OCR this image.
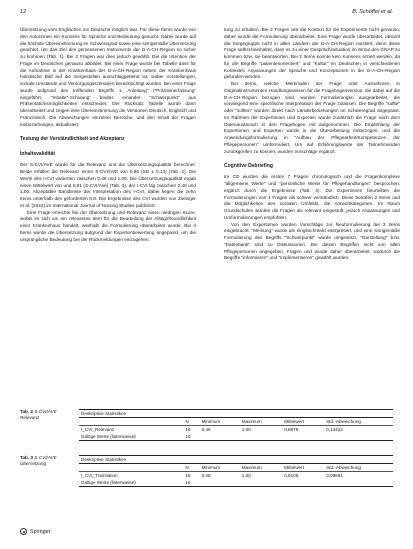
12	B. Schöffel et al.

Übersetzung vom Englischen ins Deutsche möglich war. Für diese Items wurde von den Autorinnen ein Konsens für Sprache und Bedeutung gesucht. Dabei wurde auf die höchste Übereinstimmung im Schweregrad sowie eine sinngemäße Übersetzung geachtet, um das Ziel des gemessenen Instruments der D-A-CH-Region so sicher zu kommen (Tab. 1). Bei 2 Fragen war dies jedoch gewählt. Die die Intention der Frage im Deutschen genauso abbildet. Bei einer Frage wurde bei Tabelle dass für die Aufnahme in der Krankenhaus der D-A-CH-Region neben der Krankenhaus holistische Bild auf die Sorgestellen ausschlaggebend ist, wobei Vorstellungen, soziale Umstände und Versorgungsszenarien berücksichtigt wurden. Bei einer Frage wurde aufgrund des treffenden Begriffs 1, Anleitung" ("Prämienerfassung" eingeführt, "Inhalte"-Schulung" beides einander "Schwerpunkt" aus Präsentationsmöglichkeiten entscheidet. Der Rücksatz Tabelle wurde dann überarbeitet und zeigen eine Übereinstimmung die Versionen Deutsch, Englisch und Französisch. Die Abweichungen einzelner Bereiche, und den Inhalt der Fragen einbeziehungen, aktualisiert.

Testung der Verständlichkeit und Akzeptanz
Inhaltsvalidität

Der S-CVI/AVE wurde für die Relevanz und die Übersetzungsqualität berechnet. Beide erfüllen die Relevanz einen S-CVI/AVE von 0,86 (SD ± 0,13) (Tab. 2). Die Werte des I-CVI variierten zwischen 0,48 und 1,00. Die Übersetzungsqualität ergab einen Mittelwert von und 0,91 (S-CVI/Ave) (Tab. 3), der I-CVI lag zwischen 0,48 und 1,00. Akzeptable Bandbreite der Interpretation des I-CVI, dabei liegen die zehn Items unterhalb des geforderten 0,8. Die Ergebnisse des CVI wurden von Zielinger et al. (2022) im International Journal of Nursing Studies publiziert.

Eine Frage erreichte bei der Übersetzung und Relevanz einen niedrigen Score, wobei es sich um ein relevantes Item für die Beurteilung der Alltagsfreundlichkeit einer Krankenhaus handelt, weshalb die Formulierung überarbeitet wurde. Bei 4 Items wurde die Übersetzung aufgrund der Expertenbewertung angepasst, um die ursprüngliche Bedeutung bei der Rückmeldungen einzugehen.

tung zu erhalten. Bei 2 Fragen wie die Kontext für die Experimente nicht genauso, daher wurde die Formulierung überarbeitet. Eine Frage wurde überarbeitet, obwohl die Sorgegruppe nicht in allen Ländern der D-A-CH-Region existiert, denn diese Frage selbst beinhaltet, dass es zu einer Gesprächssituation im Sinne des GNAP zu kommen bzw. sie beantworten. Bei 2 Items konnte kein Konsens erzielt werden, da für die Begriffe "patientenorientiert" und "Kultur" im Deutschen in verschiedenen Kontexten Anpassungen der Sprache und Konzeptionen in der D-A-CH-Region gefunden werden.

Bei Items, welche Merkmalen der Frage oder Ausnahmen in Originalinstrumenten Handlungsweisen für die Fragebogenversion, die dabei auf die D-A-CH-Region bezogen sind, wurden Formulierungen ausgearbeitet, die vorwiegend eine spezifische Interpretation der Frage zulassen. Die Begriffe "sollte" oder "sollten" wurden direkt nach Länderbeziehungen im Schweregrad angepasst. Im Rahmen der Expertinnen und Experten wurde zusätzlich die Frage nach dem Datenaustausch in den Fragebogen mit aufgenommen. Die Empfehlung der Expertinnen und Experten wurde in die Überarbeitung einbezogen, und die Anwendungsformulierung in "Aufbau der Pflegearbeit/Kompetenzen der Pflegepersonen" umformuliert. Um auf Erfahrungswerte der Teilnehmenden zurückgreifen zu können, wurden Vorschläge ergänzt.

Cognitive Debriefing

Im CD wurden die ersten 7 Fragen chronologisch und die Fragenkomplexe "allgemeine Werte" und "persönliche Werte für Pflegehandlungen" besprochen, ergänzt durch die Ergebnisse (Tab. 4). Die Expertinnen beurteilten die Formulierungen von 4 Fragen als schwer verständlich. Diese betrafen 2 Items und die Möglichkeiten des sozialen Umfelds, die Antwortkategorien. Im Raum Grundschulen wurden die Fragen als relevant eingestuft, jedoch Anpassungen und Umformulierungen empfohlen.

Von den Expertinnen wurden Vorschläge zur Neuformulierung bei 3 Items eingebracht. "Meinung" wurde als eingeschränkt interpretiert, und eine sinngemäße Formulierung des Begriffs "Schwerpunkt" wurde umgesetzt. "Darstellung" bzw. "Datenbank" sind zu Diskussionen. Bei diesen Begriffen nicht von allen Pflegepersonen angegeben. Fragen und wurde daher überarbeitet, wodurch die Begriffe "informieren" und "implementieren" gewählt wurden.

Tab. 2 S-CVI/AVE Relevanz
Deskriptive Statistiken					
	N	Minimum	Maximum	Mittelwert	Std.-Abweichung
I_CVI_Relevanz	16	0,48	1,00	0,8679	0,13422
Gültige Werte (listenweise)	16				
Tab. 3 S-CVI/AVE Übersetzung
Deskriptive Statistiken					
	N	Minimum	Maximum	Mittelwert	Std.-Abweichung
I_CVI_Translation	16	0,48	1,00	0,9106	0,09891
Gültige Werte (listenweise)	16				
Springer
